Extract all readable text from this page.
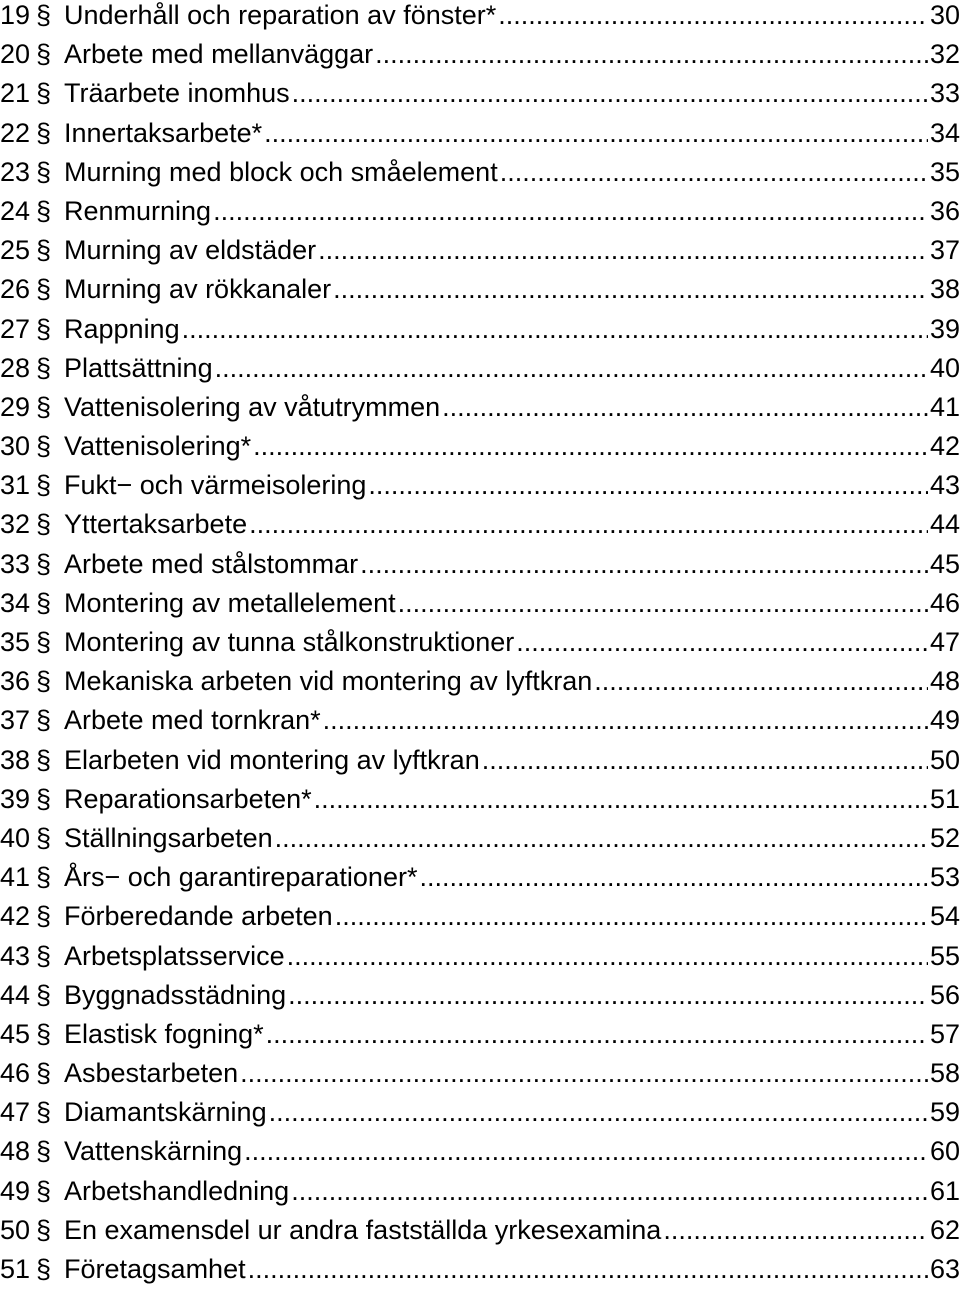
19 § Underhåll och reparation av fönster* .....	30
20 § Arbete med mellanväggar .....	32
21 § Träarbete inomhus .....	33
22 § Innertaksarbete* .....	34
23 § Murning med block och småelement .....	35
24 § Renmurning .....	36
25 § Murning av eldstäder .....	37
26 § Murning av rökkanaler .....	38
27 § Rappning .....	39
28 § Plattsättning .....	40
29 § Vattenisolering av våtutrymmen .....	41
30 § Vattenisolering* .....	42
31 § Fukt− och värmeisolering .....	43
32 § Yttertaksarbete .....	44
33 § Arbete med stålstommar .....	45
34 § Montering av metallelement .....	46
35 § Montering av tunna stålkonstruktioner .....	47
36 § Mekaniska arbeten vid montering av lyftkran .....	48
37 § Arbete med tornkran* .....	49
38 § Elarbeten vid montering av lyftkran .....	50
39 § Reparationsarbeten* .....	51
40 § Ställningsarbeten .....	52
41 § Års− och garantireparationer* .....	53
42 § Förberedande arbeten .....	54
43 § Arbetsplatsservice .....	55
44 § Byggnadsstädning .....	56
45 § Elastisk fogning* .....	57
46 § Asbestarbeten .....	58
47 § Diamantskärning .....	59
48 § Vattenskärning .....	60
49 § Arbetshandledning .....	61
50 § En examensdel ur andra fastställda yrkesexamina .....	62
51 § Företagsamhet .....	63
